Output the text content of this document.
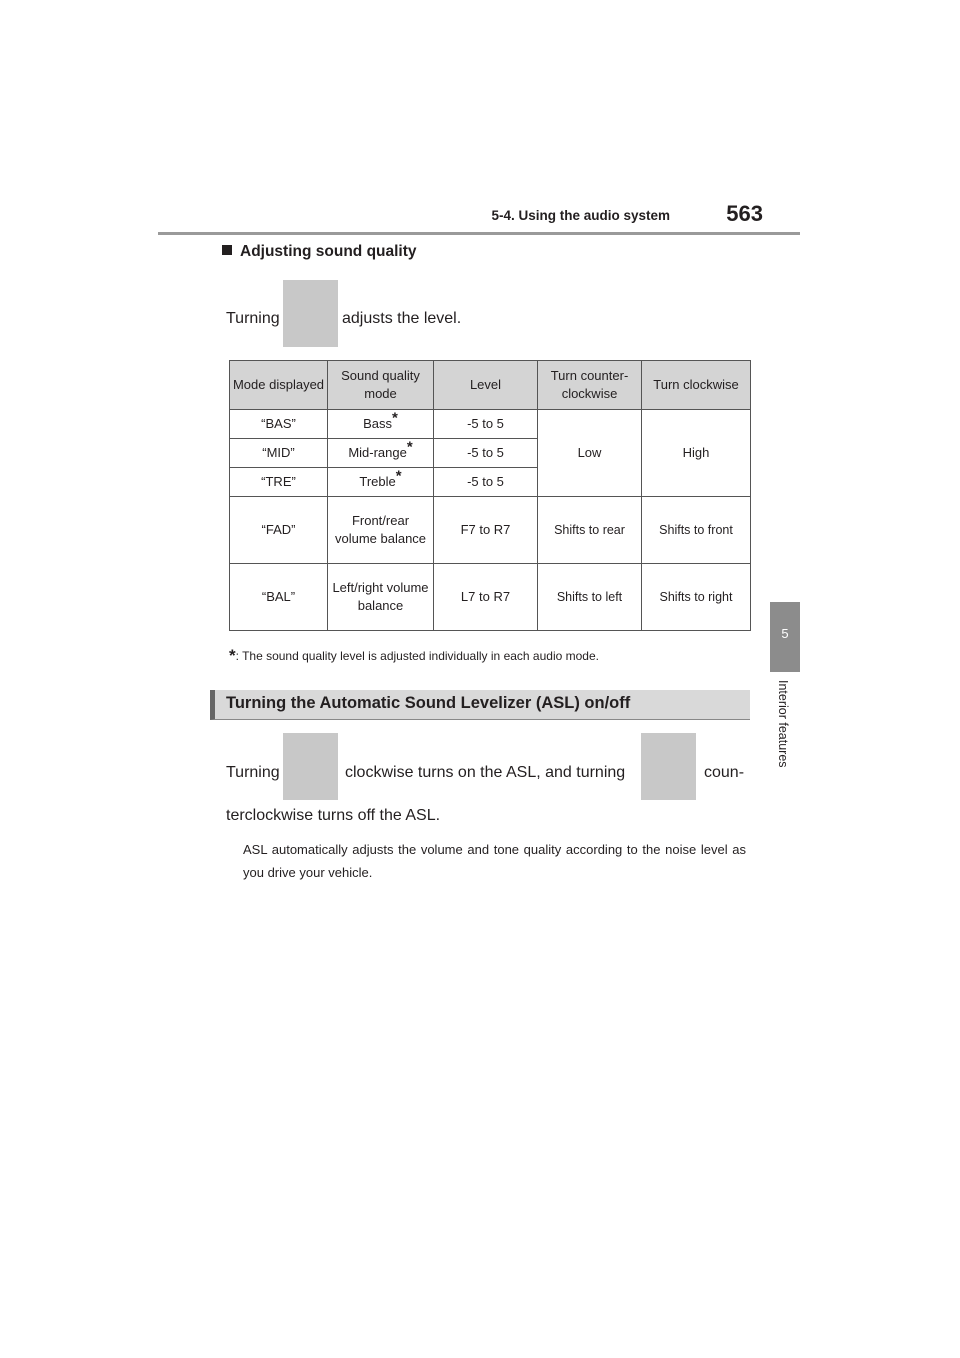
5-4. Using the audio system	563
5
Interior features
Adjusting sound quality
Turning	adjusts the level.
Mode displayed	Sound quality mode	Level	Turn counter-clockwise	Turn clockwise
“BAS”	Bass*	-5 to 5	Low	High
“MID”	Mid-range*	-5 to 5		
“TRE”	Treble*	-5 to 5		
“FAD”	Front/rear volume balance	F7 to R7	Shifts to rear	Shifts to front
“BAL”	Left/right volume balance	L7 to R7	Shifts to left	Shifts to right
*: The sound quality level is adjusted individually in each audio mode.
Turning the Automatic Sound Levelizer (ASL) on/off
Turning	clockwise turns on the ASL, and turning	coun-
terclockwise turns off the ASL.
ASL automatically adjusts the volume and tone quality according to the noise level as you drive your vehicle.
